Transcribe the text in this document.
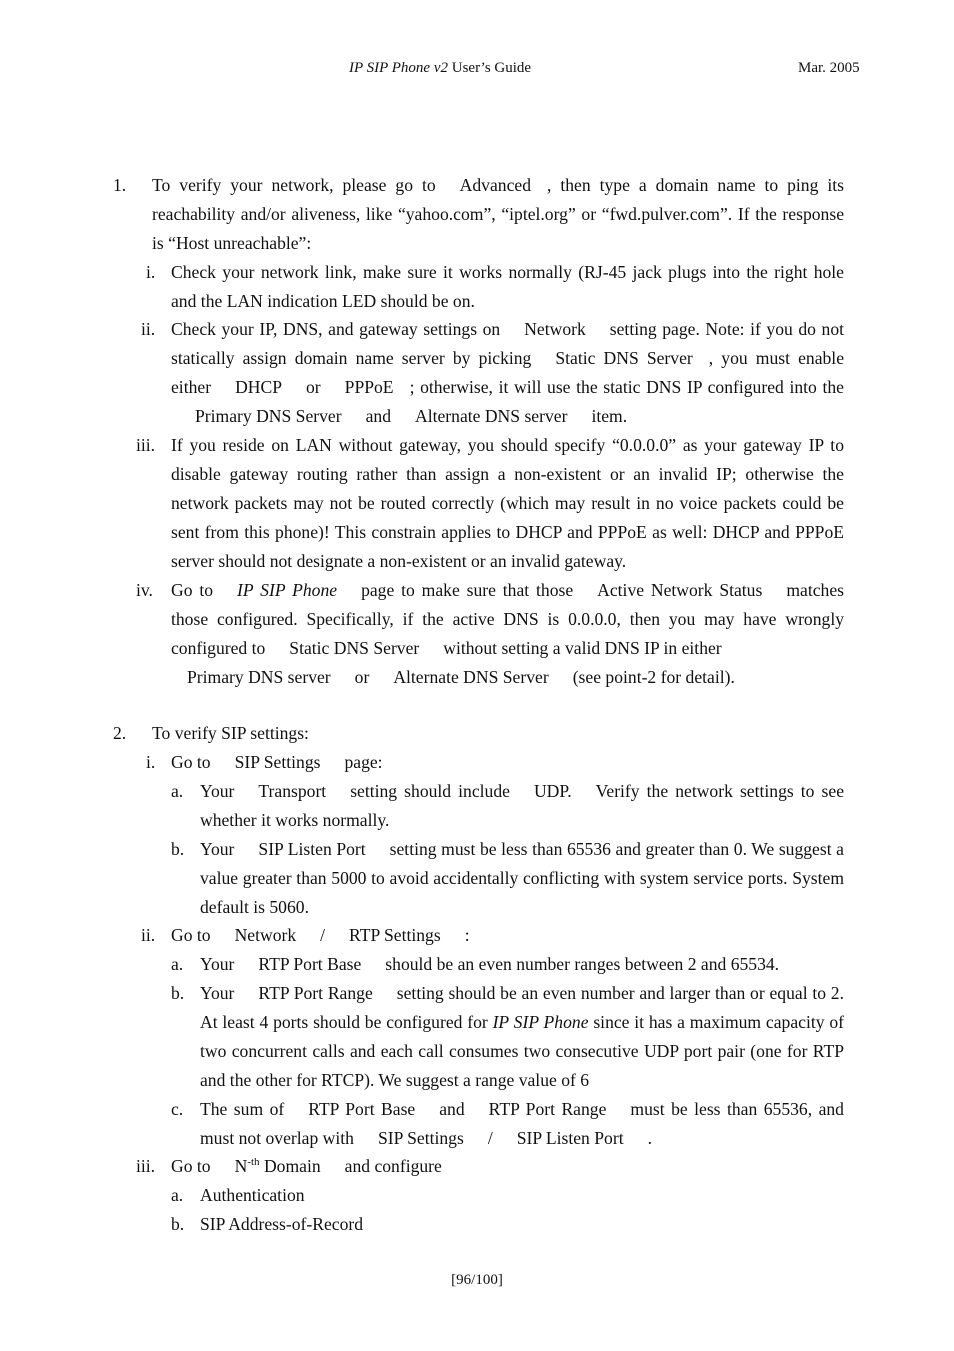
IP SIP Phone v2 User’s Guide	Mar. 2005
1. To verify your network, please go to Advanced , then type a domain name to ping its reachability and/or aliveness, like “yahoo.com”, “iptel.org” or “fwd.pulver.com”. If the response is “Host unreachable”:
i. Check your network link, make sure it works normally (RJ-45 jack plugs into the right hole and the LAN indication LED should be on.
ii. Check your IP, DNS, and gateway settings on Network setting page. Note: if you do not statically assign domain name server by picking Static DNS Server , you must enable either DHCP or PPPoE ; otherwise, it will use the static DNS IP configured into thePrimary DNS Server and Alternate DNS server item.
iii. If you reside on LAN without gateway, you should specify “0.0.0.0” as your gateway IP to disable gateway routing rather than assign a non-existent or an invalid IP; otherwise the network packets may not be routed correctly (which may result in no voice packets could be sent from this phone)! This constrain applies to DHCP and PPPoE as well: DHCP and PPPoE server should not designate a non-existent or an invalid gateway.
iv. Go to IP SIP Phone page to make sure that those Active Network Status matches those configured. Specifically, if the active DNS is 0.0.0.0, then you may have wrongly configured to Static DNS Server without setting a valid DNS IP in either
Primary DNS server or Alternate DNS Server (see point-2 for detail).
2. To verify SIP settings:
i. Go to SIP Settings page:
a. Your Transport setting should include UDP. Verify the network settings to see whether it works normally.
b. Your SIP Listen Port setting must be less than 65536 and greater than 0. We suggest a value greater than 5000 to avoid accidentally conflicting with system service ports. System default is 5060.
ii. Go to Network / RTP Settings :
a. Your RTP Port Base should be an even number ranges between 2 and 65534.
b. Your RTP Port Range setting should be an even number and larger than or equal to 2. At least 4 ports should be configured for IP SIP Phone since it has a maximum capacity of two concurrent calls and each call consumes two consecutive UDP port pair (one for RTP and the other for RTCP). We suggest a range value of 6
c. The sum of RTP Port Base and RTP Port Range must be less than 65536, and must not overlap with SIP Settings / SIP Listen Port .
iii. Go to $N^{-th}$ Domain and configure
a. Authentication
b. SIP Address-of-Record
[96/100]
